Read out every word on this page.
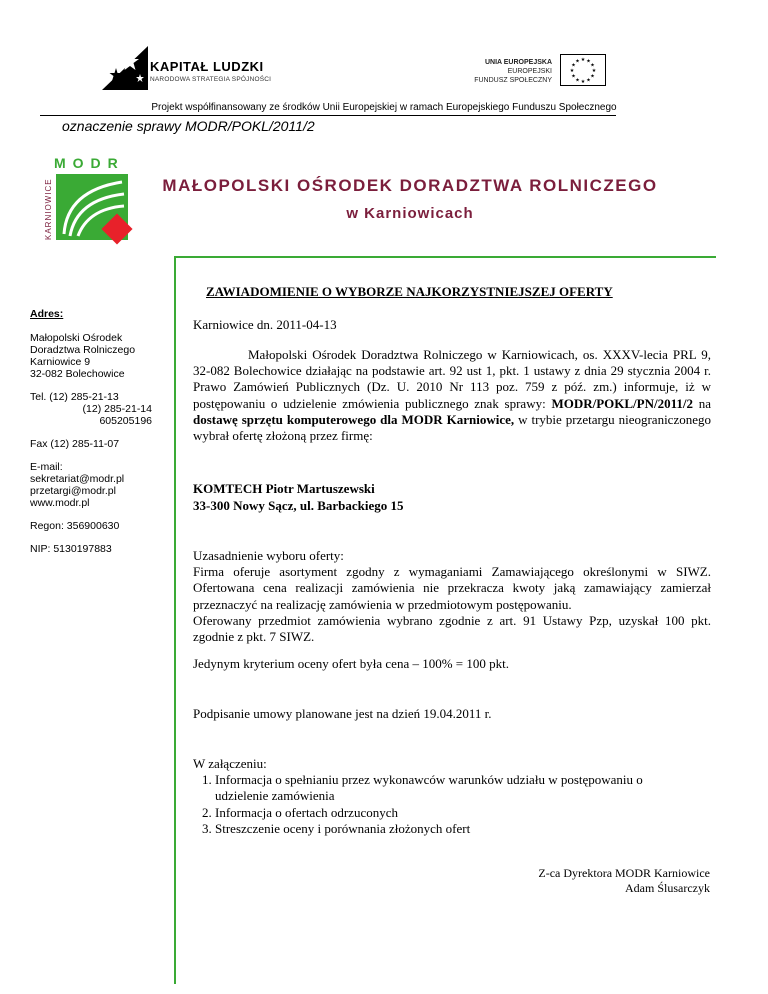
KAPITAŁ LUDZKI
NARODOWA STRATEGIA SPÓJNOŚCI
UNIA EUROPEJSKA
EUROPEJSKI
FUNDUSZ SPOŁECZNY
★ ★
★
★
★
★
★
★
★
★
★
★
Projekt współfinansowany ze środków Unii Europejskiej w ramach Europejskiego Funduszu Społecznego
oznaczenie sprawy MODR/POKL/2011/2
MODR
KARNIOWICE	MAŁOPOLSKI OŚRODEK DORADZTWA ROLNICZEGO
w Karniowicach
Adres:
Małopolski Ośrodek
Doradztwa Rolniczego
Karniowice 9
32-082 Bolechowice
Tel. (12) 285-21-13
(12) 285-21-14
605205196
Fax (12) 285-11-07
E-mail:
sekretariat@modr.pl
przetargi@modr.pl
www.modr.pl
Regon: 356900630
NIP: 5130197883
ZAWIADOMIENIE O WYBORZE NAJKORZYSTNIEJSZEJ OFERTY
Karniowice dn. 2011-04-13
Małopolski Ośrodek Doradztwa Rolniczego w Karniowicach, os. XXXV-lecia PRL 9, 32-082 Bolechowice działając na podstawie art. 92 ust 1, pkt. 1 ustawy z dnia 29 stycznia 2004 r. Prawo Zamówień Publicznych (Dz. U. 2010 Nr 113 poz. 759 z póź. zm.) informuje, iż w postępowaniu o udzielenie zmówienia publicznego znak sprawy: MODR/POKL/PN/2011/2 na dostawę sprzętu komputerowego dla MODR Karniowice, w trybie przetargu nieograniczonego wybrał ofertę złożoną przez firmę:
KOMTECH Piotr Martuszewski
33-300 Nowy Sącz, ul. Barbackiego 15
Uzasadnienie wyboru oferty:
Firma oferuje asortyment zgodny z wymaganiami Zamawiającego określonymi w SIWZ. Ofertowana cena realizacji zamówienia nie przekracza kwoty jaką zamawiający zamierzał przeznaczyć na realizację zamówienia w przedmiotowym postępowaniu.
Oferowany przedmiot zamówienia wybrano zgodnie z art. 91 Ustawy Pzp, uzyskał 100 pkt. zgodnie z pkt. 7 SIWZ.
Jedynym kryterium oceny ofert była cena – 100% = 100 pkt.
Podpisanie umowy planowane jest na dzień 19.04.2011 r.
W załączeniu:
1. Informacja o spełnianiu przez wykonawców warunków udziału w postępowaniu o udzielenie zamówienia
2. Informacja o ofertach odrzuconych
3. Streszczenie oceny i porównania złożonych ofert
Z-ca Dyrektora MODR Karniowice
Adam Ślusarczyk
